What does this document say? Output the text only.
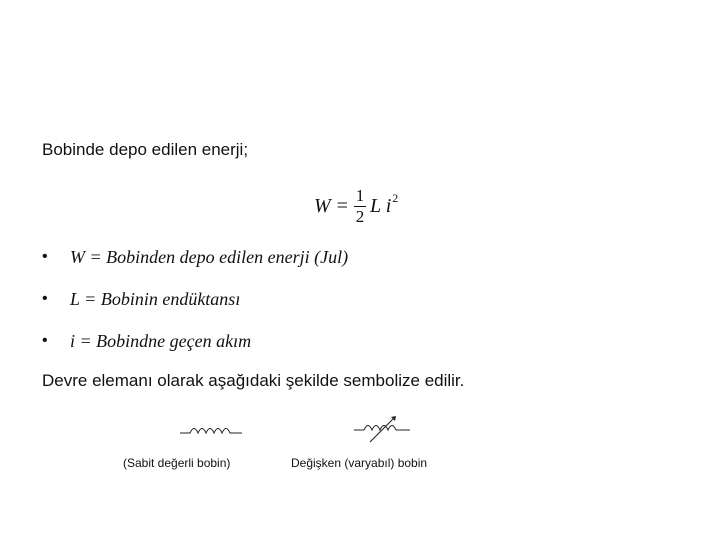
Bobinde depo edilen enerji;
$W = \frac{1}{2}$ L $i^2$
•	W = Bobinden depo edilen enerji (Jul)
•	L = Bobinin endüktansı
•	i = Bobindne geçen akım
Devre elemanı olarak aşağıdaki şekilde sembolize edilir.
(Sabit değerli bobin)	Değişken (varyabıl) bobin
